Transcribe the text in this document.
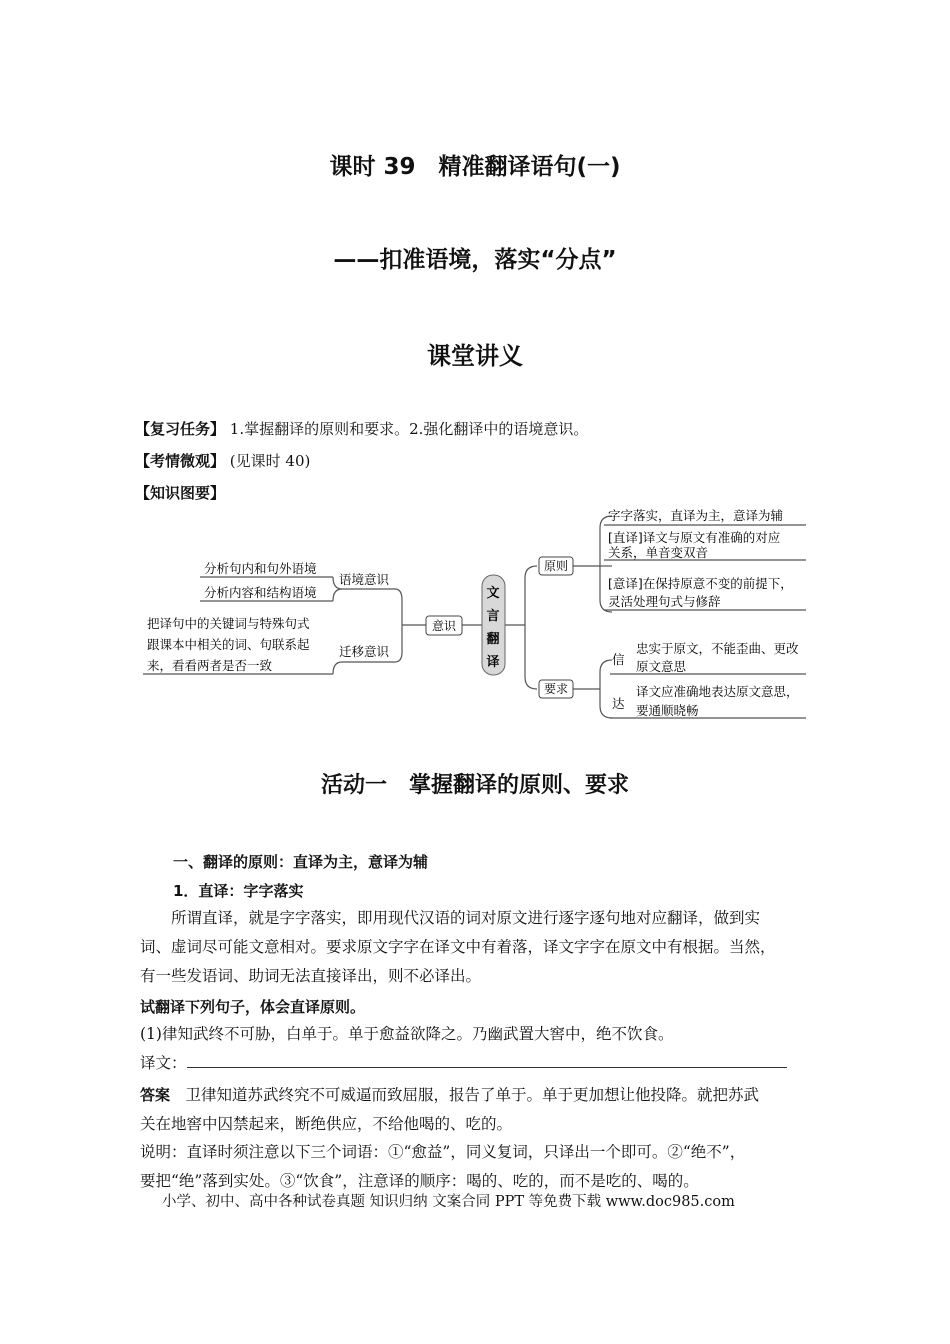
课时 39　精准翻译语句(一)
——扣准语境，落实“分点”
课堂讲义
【复习任务】 1.掌握翻译的原则和要求。2.强化翻译中的语境意识。
【考情微观】 (见课时 40)
【知识图要】
意识
文
言
翻
译
原则
要求
分析句内和句外语境
分析内容和结构语境
语境意识
迁移意识
把译句中的关键词与特殊句式
跟课本中相关的词、句联系起
来，看看两者是否一致
字字落实，直译为主，意译为辅
[直译]译文与原文有准确的对应
关系，单音变双音
[意译]在保持原意不变的前提下，
灵活处理句式与修辞
信
忠实于原文，不能歪曲、更改
原文意思
达
译文应准确地表达原文意思，
要通顺晓畅
活动一　掌握翻译的原则、要求
一、翻译的原则：直译为主，意译为辅
1．直译：字字落实
　　所谓直译，就是字字落实，即用现代汉语的词对原文进行逐字逐句地对应翻译，做到实
词、虚词尽可能文意相对。要求原文字字在译文中有着落，译文字字在原文中有根据。当然，
有一些发语词、助词无法直接译出，则不必译出。
试翻译下列句子，体会直译原则。
(1)律知武终不可胁，白单于。单于愈益欲降之。乃幽武置大窖中，绝不饮食。
译文：
答案　卫律知道苏武终究不可威逼而致屈服，报告了单于。单于更加想让他投降。就把苏武
关在地窖中囚禁起来，断绝供应，不给他喝的、吃的。
说明：直译时须注意以下三个词语：①“愈益”，同义复词，只译出一个即可。②“绝不”，
要把“绝”落到实处。③“饮食”，注意译的顺序：喝的、吃的，而不是吃的、喝的。
小学、初中、高中各种试卷真题 知识归纳 文案合同 PPT 等免费下载 www.doc985.com
